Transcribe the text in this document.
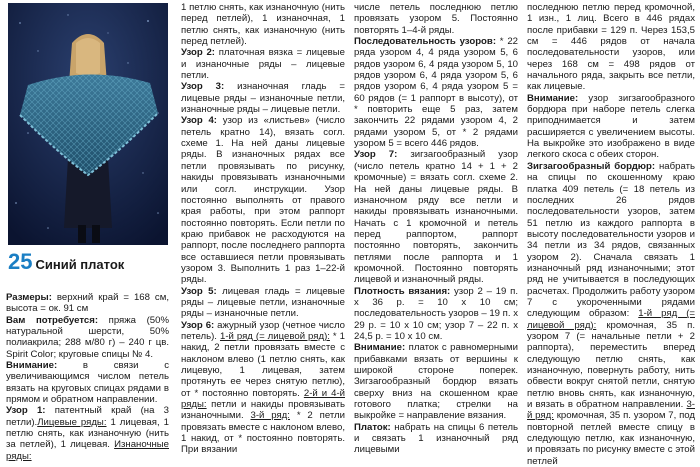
25 Синий платок

Размеры: верхний край = 168 см, высота = ок. 91 см

Вам потребуется: пряжа (50% натуральной шерсти, 50% полиакрила; 288 м/80 г) – 240 г цв. Spirit Color; круговые спицы № 4.

Внимание: в связи с увеличивающимся числом петель вязать на круговых спицах рядами в прямом и обратном направлении.

Узор 1: патентный край (на 3 петли).Лицевые ряды: 1 лицевая, 1 петлю снять, как изнаночную (нить за петлей), 1 лицевая. Изнаночные ряды:

1 петлю снять, как изнаночную (нить перед петлей), 1 изнаночная, 1 петлю снять, как изнаночную (нить перед петлей).

Узор 2: платочная вязка = лицевые и изнаночные ряды – лицевые петли.

Узор 3: изнаночная гладь = лицевые ряды – изнаночные петли, изнаночные ряды – лицевые петли.

Узор 4: узор из «листьев» (число петель кратно 14), вязать согл. схеме 1. На ней даны лицевые ряды. В изнаночных рядах все петли провязывать по рисунку, накиды провязывать изнаночными или согл. инструкции. Узор постоянно выполнять от правого края работы, при этом раппорт постоянно повторять. Если петли по краю прибавок не расходуются на раппорт, после последнего раппорта все оставшиеся петли провязывать узором 3. Выполнить 1 раз 1–22-й ряды.

Узор 5: лицевая гладь = лицевые ряды – лицевые петли, изнаночные ряды – изнаночные петли.

Узор 6: ажурный узор (четное число петель). 1-й ряд (= лицевой ряд): * 1 накид, 2 петли провязать вместе с наклоном влево (1 петлю снять, как лицевую, 1 лицевая, затем протянуть ее через снятую петлю), от * постоянно повторять. 2-й и 4-й ряды: петли и накиды провязывать изнаночными. 3-й ряд: * 2 петли провязать вместе с наклоном влево, 1 накид, от * постоянно повторять. При вязании

числе петель последнюю петлю провязать узором 5. Постоянно повторять 1–4-й ряды.

Последовательность узоров: * 22 ряда узором 4, 4 ряда узором 5, 6 рядов узором 6, 4 ряда узором 5, 10 рядов узором 6, 4 ряда узором 5, 6 рядов узором 6, 4 ряда узором 5 = 60 рядов (= 1 раппорт в высоту), от * повторить еще 5 раз, затем закончить 22 рядами узором 4, 2 рядами узором 5, от * 2 рядами узором 5 = всего 446 рядов.

Узор 7: зигзагообразный узор (число петель кратно 14 + 1 + 2 кромочные) = вязать согл. схеме 2. На ней даны лицевые ряды. В изнаночном ряду все петли и накиды провязывать изнаночными. Начать с 1 кромочной и петель перед раппортом, раппорт постоянно повторять, закончить петлями после раппорта и 1 кромочной. Постоянно повторять лицевой и изнаночный ряды.

Плотность вязания: узор 2 – 19 п. х 36 р. = 10 х 10 см; последовательность узоров – 19 п. х 29 р. = 10 х 10 см; узор 7 – 22 п. х 24,5 р. = 10 х 10 см.

Внимание: платок с равномерными прибавками вязать от вершины к широкой стороне поперек. Зигзагообразный бордюр вязать сверху вниз на скошенном крае готового платка; стрелки на выкройке = направление вязания.

Платок: набрать на спицы 6 петель и связать 1 изнаночный ряд лицевыми

последнюю петлю перед кромочной, 1 изн., 1 лиц. Всего в 446 рядах после прибавки = 129 п. Через 153,5 см = 446 рядов от начала последовательности узоров, или через 168 см = 498 рядов от начального ряда, закрыть все петли, как лицевые.

Внимание: узор зигзагообразного бордюра при наборе петель слегка приподнимается и затем расширяется с увеличением высоты. На выкройке это изображено в виде легкого скоса с обеих сторон.

Зигзагообразный бордюр: набрать на спицы по скошенному краю платка 409 петель (= 18 петель из последних 26 рядов последовательности узоров, затем 51 петлю из каждого раппорта в высоту последовательности узоров и 34 петли из 34 рядов, связанных узором 2). Сначала связать 1 изнаночный ряд изнаночными; этот ряд не учитывается в последующих расчетах. Продолжить работу узором 7 с укороченными рядами следующим образом: 1-й ряд (= лицевой ряд): кромочная, 35 п. узором 7 (= начальные петли + 2 раппорта), переместить вперед следующую петлю снять, как изнаночную, повернуть работу, нить обвести вокруг снятой петли, снятую петлю вновь снять, как изнаночную, и вязать в обратном направлении. 3-й ряд: кромочная, 35 п. узором 7, под повторной петлей вместе спицу в следующую петлю, как изнаночную, и провязать по рисунку вместе с этой петлей
